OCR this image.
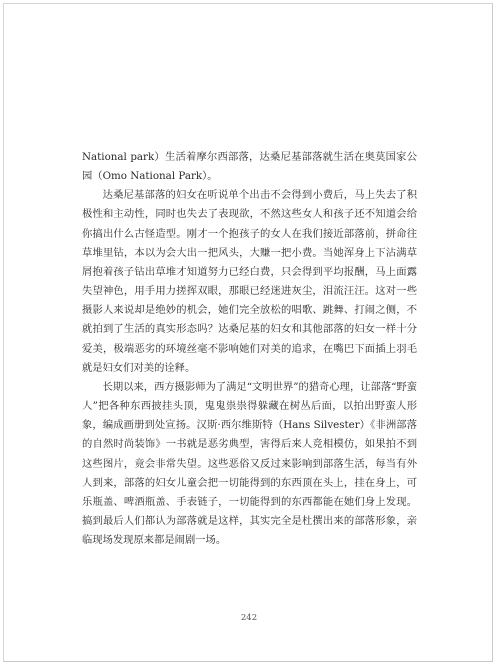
National park）生活着摩尔西部落，达桑尼基部落就生活在奥莫国家公园（Omo National Park）。

达桑尼基部落的妇女在听说单个出击不会得到小费后，马上失去了积极性和主动性，同时也失去了表现欲，不然这些女人和孩子还不知道会给你搞出什么古怪造型。刚才一个抱孩子的女人在我们接近部落前，拼命往草堆里钻，本以为会大出一把风头，大赚一把小费。当她浑身上下沾满草屑抱着孩子钻出草堆才知道努力已经白费，只会得到平均报酬，马上面露失望神色，用手用力搓挥双眼，那眼已经迷进灰尘，泪流汪汪。这对一些摄影人来说却是绝妙的机会，她们完全放松的唱歌、跳舞、打闹之侧，不就拍到了生活的真实形态吗？达桑尼基的妇女和其他部落的妇女一样十分爱美，极端恶劣的环境丝毫不影响她们对美的追求，在嘴巴下面插上羽毛就是妇女们对美的诠释。

长期以来，西方摄影师为了满足“文明世界”的猎奇心理，让部落“野蛮人”把各种东西披挂头顶，鬼鬼祟祟得躲藏在树丛后面，以拍出野蛮人形象，编成画册到处宣扬。汉斯·西尔维斯特（Hans Silvester）《非洲部落的自然时尚装饰》一书就是恶劣典型，害得后来人竞相模仿，如果拍不到这些图片，竟会非常失望。这些恶俗又反过来影响到部落生活，每当有外人到来，部落的妇女儿童会把一切能得到的东西顶在头上，挂在身上，可乐瓶盖、啤酒瓶盖、手表链子，一切能得到的东西都能在她们身上发现。搞到最后人们都认为部落就是这样，其实完全是杜撰出来的部落形象，亲临现场发现原来都是闹剧一场。

242
